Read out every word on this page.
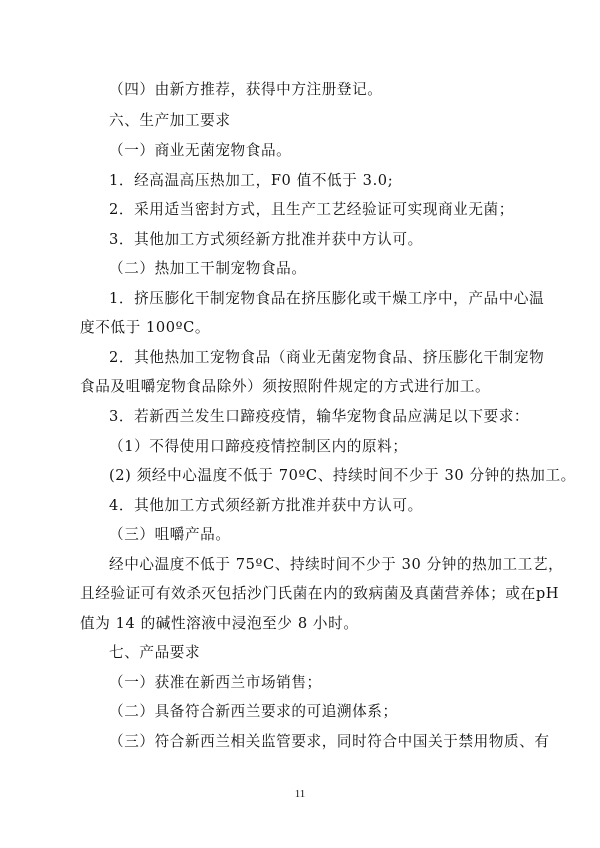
（四）由新方推荐，获得中方注册登记。
六、生产加工要求
（一）商业无菌宠物食品。
1．经高温高压热加工，F0 值不低于 3.0;
2．采用适当密封方式，且生产工艺经验证可实现商业无菌；
3．其他加工方式须经新方批准并获中方认可。
（二）热加工干制宠物食品。
1．挤压膨化干制宠物食品在挤压膨化或干燥工序中，产品中心温
度不低于 100ºC。
2．其他热加工宠物食品（商业无菌宠物食品、挤压膨化干制宠物
食品及咀嚼宠物食品除外）须按照附件规定的方式进行加工。
3．若新西兰发生口蹄疫疫情，输华宠物食品应满足以下要求：
（1）不得使用口蹄疫疫情控制区内的原料；
(2) 须经中心温度不低于 70ºC、持续时间不少于 30 分钟的热加工。
4．其他加工方式须经新方批准并获中方认可。
（三）咀嚼产品。
经中心温度不低于 75ºC、持续时间不少于 30 分钟的热加工工艺，
且经验证可有效杀灭包括沙门氏菌在内的致病菌及真菌营养体；或在pH
值为 14 的碱性溶液中浸泡至少 8 小时。
七、产品要求
（一）获准在新西兰市场销售；
（二）具备符合新西兰要求的可追溯体系；
（三）符合新西兰相关监管要求，同时符合中国关于禁用物质、有
11
